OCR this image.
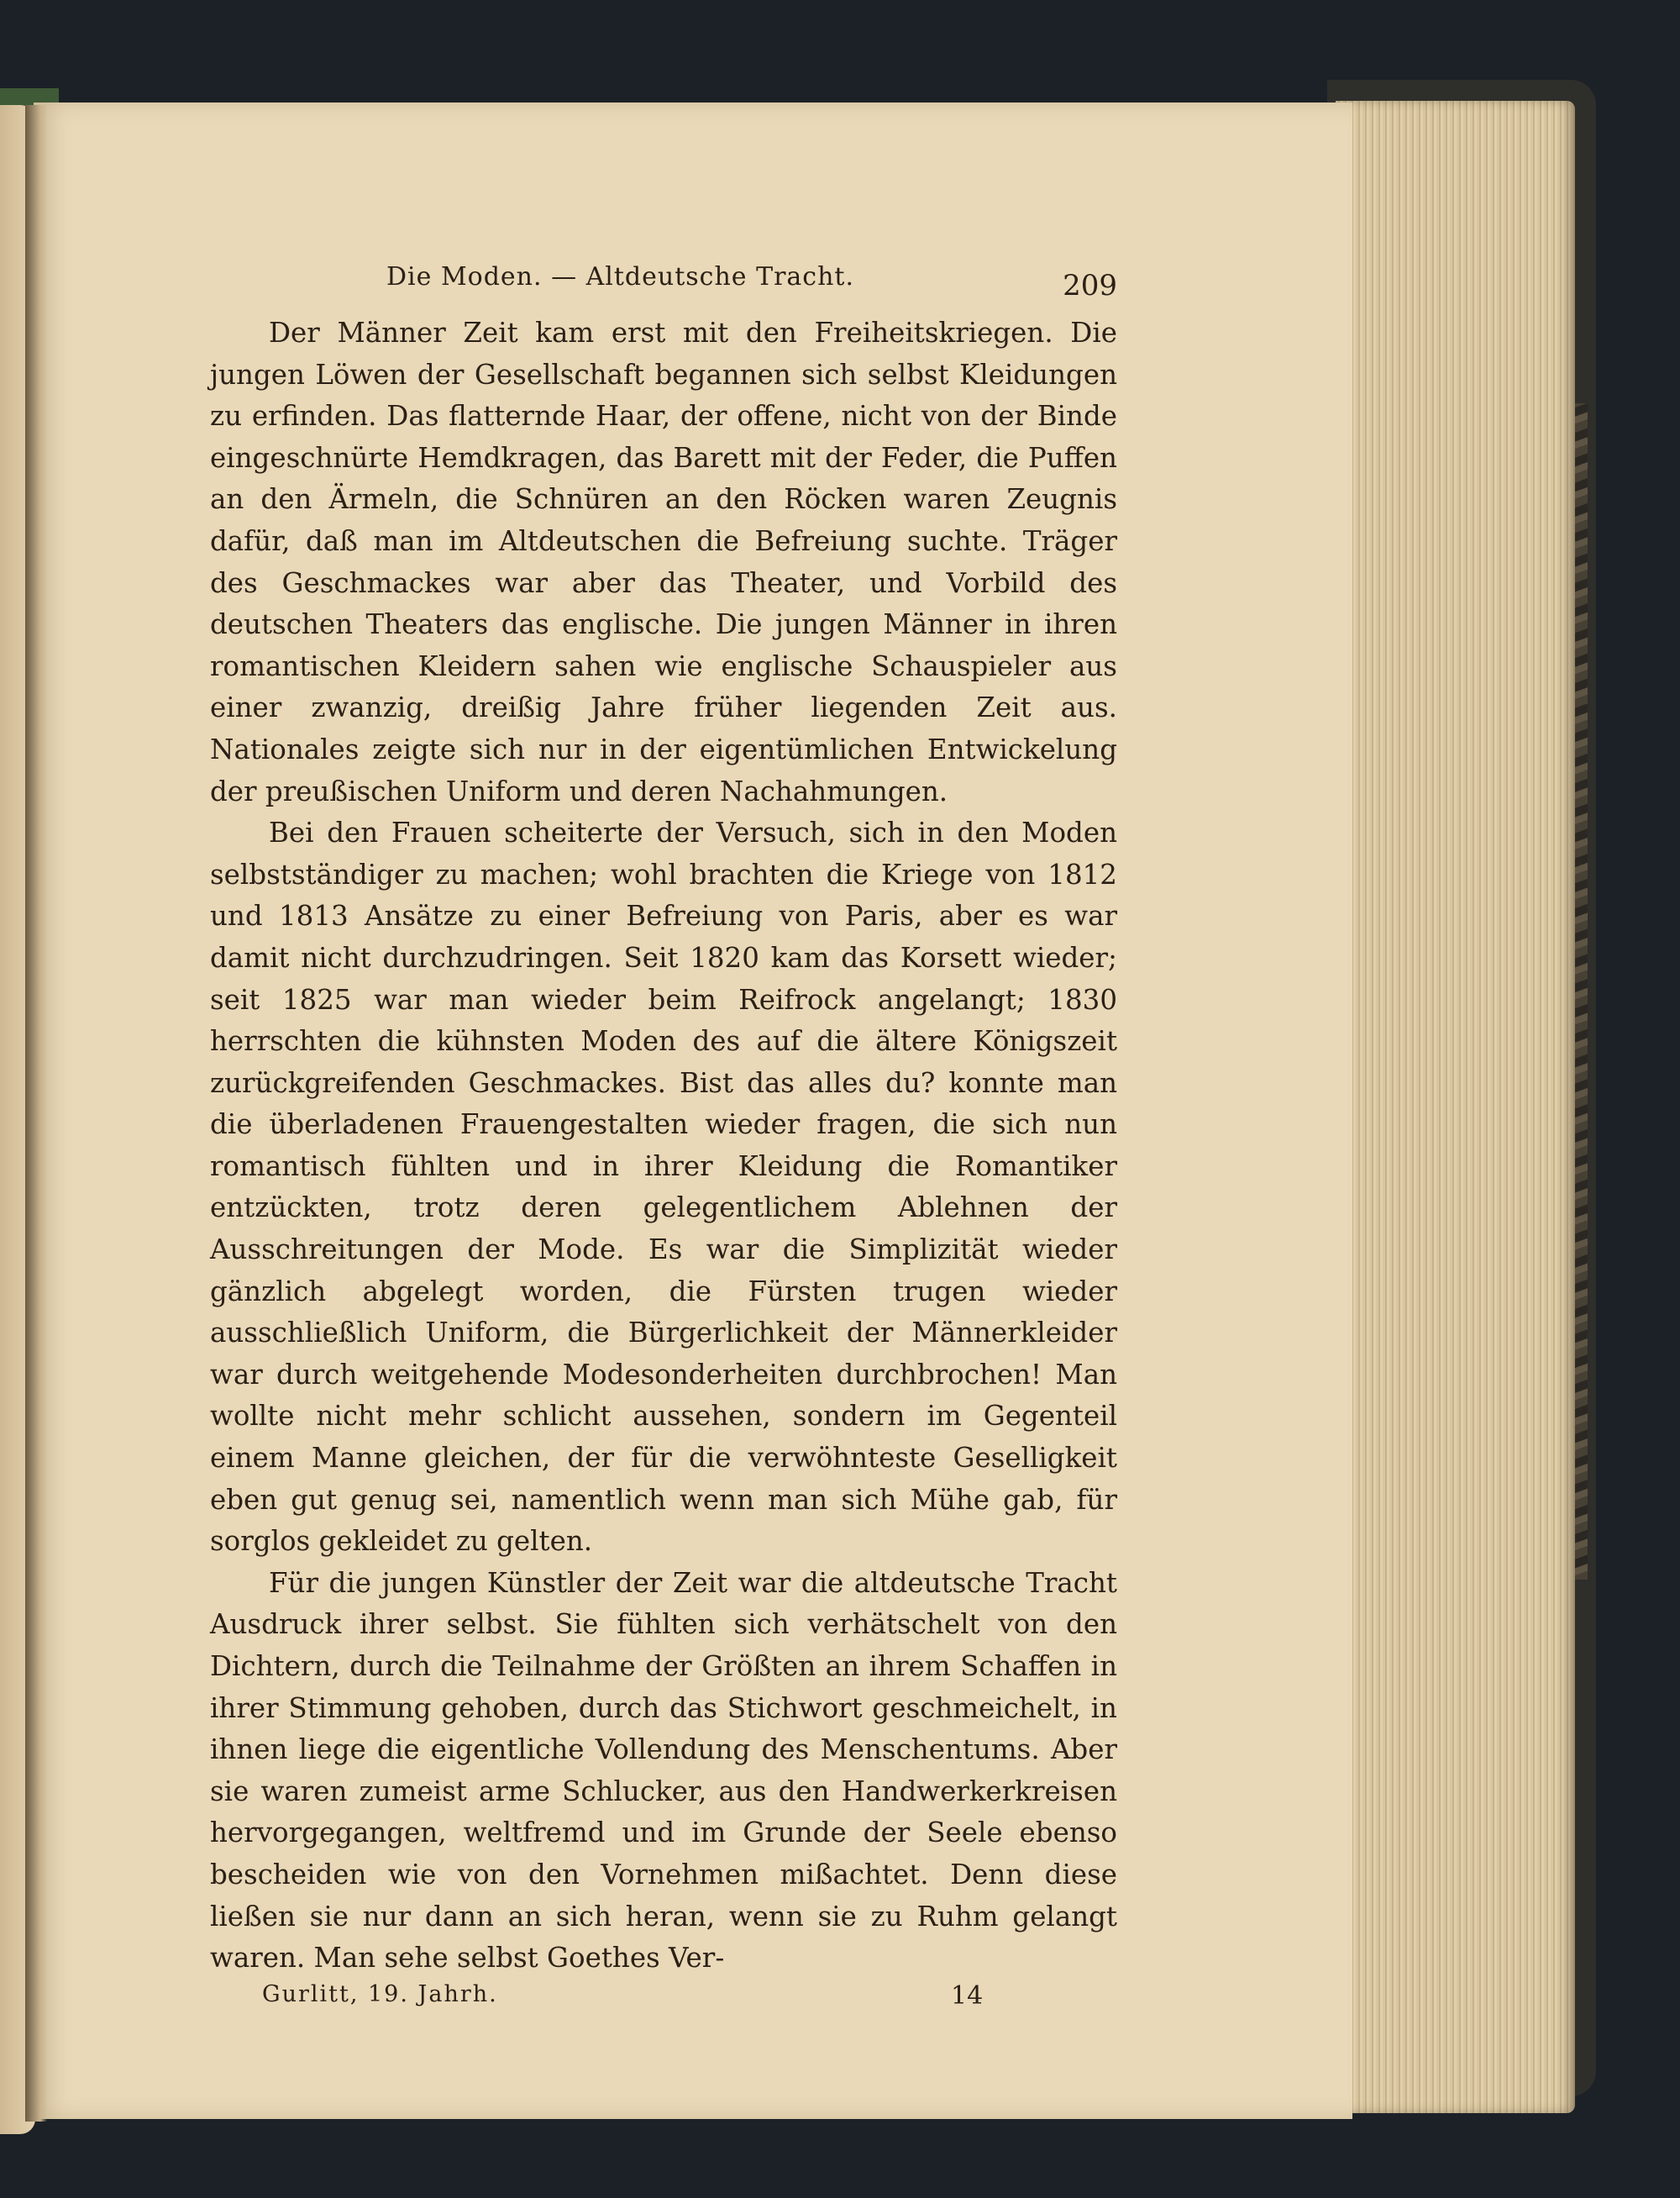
Die Moden. — Altdeutsche Tracht.	209

Der Männer Zeit kam erst mit den Freiheitskriegen. Die jungen Löwen der Gesellschaft begannen sich selbst Kleidungen zu erfinden. Das flatternde Haar, der offene, nicht von der Binde eingeschnürte Hemdkragen, das Barett mit der Feder, die Puffen an den Ärmeln, die Schnüren an den Röcken waren Zeugnis dafür, daß man im Altdeutschen die Befreiung suchte. Träger des Geschmackes war aber das Theater, und Vorbild des deutschen Theaters das englische. Die jungen Männer in ihren romantischen Kleidern sahen wie englische Schauspieler aus einer zwanzig, dreißig Jahre früher liegenden Zeit aus. Nationales zeigte sich nur in der eigentümlichen Entwickelung der preußischen Uniform und deren Nachahmungen.

Bei den Frauen scheiterte der Versuch, sich in den Moden selbstständiger zu machen; wohl brachten die Kriege von 1812 und 1813 Ansätze zu einer Befreiung von Paris, aber es war damit nicht durchzudringen. Seit 1820 kam das Korsett wieder; seit 1825 war man wieder beim Reifrock angelangt; 1830 herrschten die kühnsten Moden des auf die ältere Königszeit zurückgreifenden Geschmackes. Bist das alles du? konnte man die überladenen Frauengestalten wieder fragen, die sich nun romantisch fühlten und in ihrer Kleidung die Romantiker entzückten, trotz deren gelegentlichem Ablehnen der Ausschreitungen der Mode. Es war die Simplizität wieder gänzlich abgelegt worden, die Fürsten trugen wieder ausschließlich Uniform, die Bürgerlichkeit der Männerkleider war durch weitgehende Modesonderheiten durchbrochen! Man wollte nicht mehr schlicht aussehen, sondern im Gegenteil einem Manne gleichen, der für die verwöhnteste Geselligkeit eben gut genug sei, namentlich wenn man sich Mühe gab, für sorglos gekleidet zu gelten.

Für die jungen Künstler der Zeit war die altdeutsche Tracht Ausdruck ihrer selbst. Sie fühlten sich verhätschelt von den Dichtern, durch die Teilnahme der Größten an ihrem Schaffen in ihrer Stimmung gehoben, durch das Stichwort geschmeichelt, in ihnen liege die eigentliche Vollendung des Menschentums. Aber sie waren zumeist arme Schlucker, aus den Handwerkerkreisen hervorgegangen, weltfremd und im Grunde der Seele ebenso bescheiden wie von den Vornehmen mißachtet. Denn diese ließen sie nur dann an sich heran, wenn sie zu Ruhm gelangt waren. Man sehe selbst Goethes Ver-

Gurlitt, 19. Jahrh.	14
